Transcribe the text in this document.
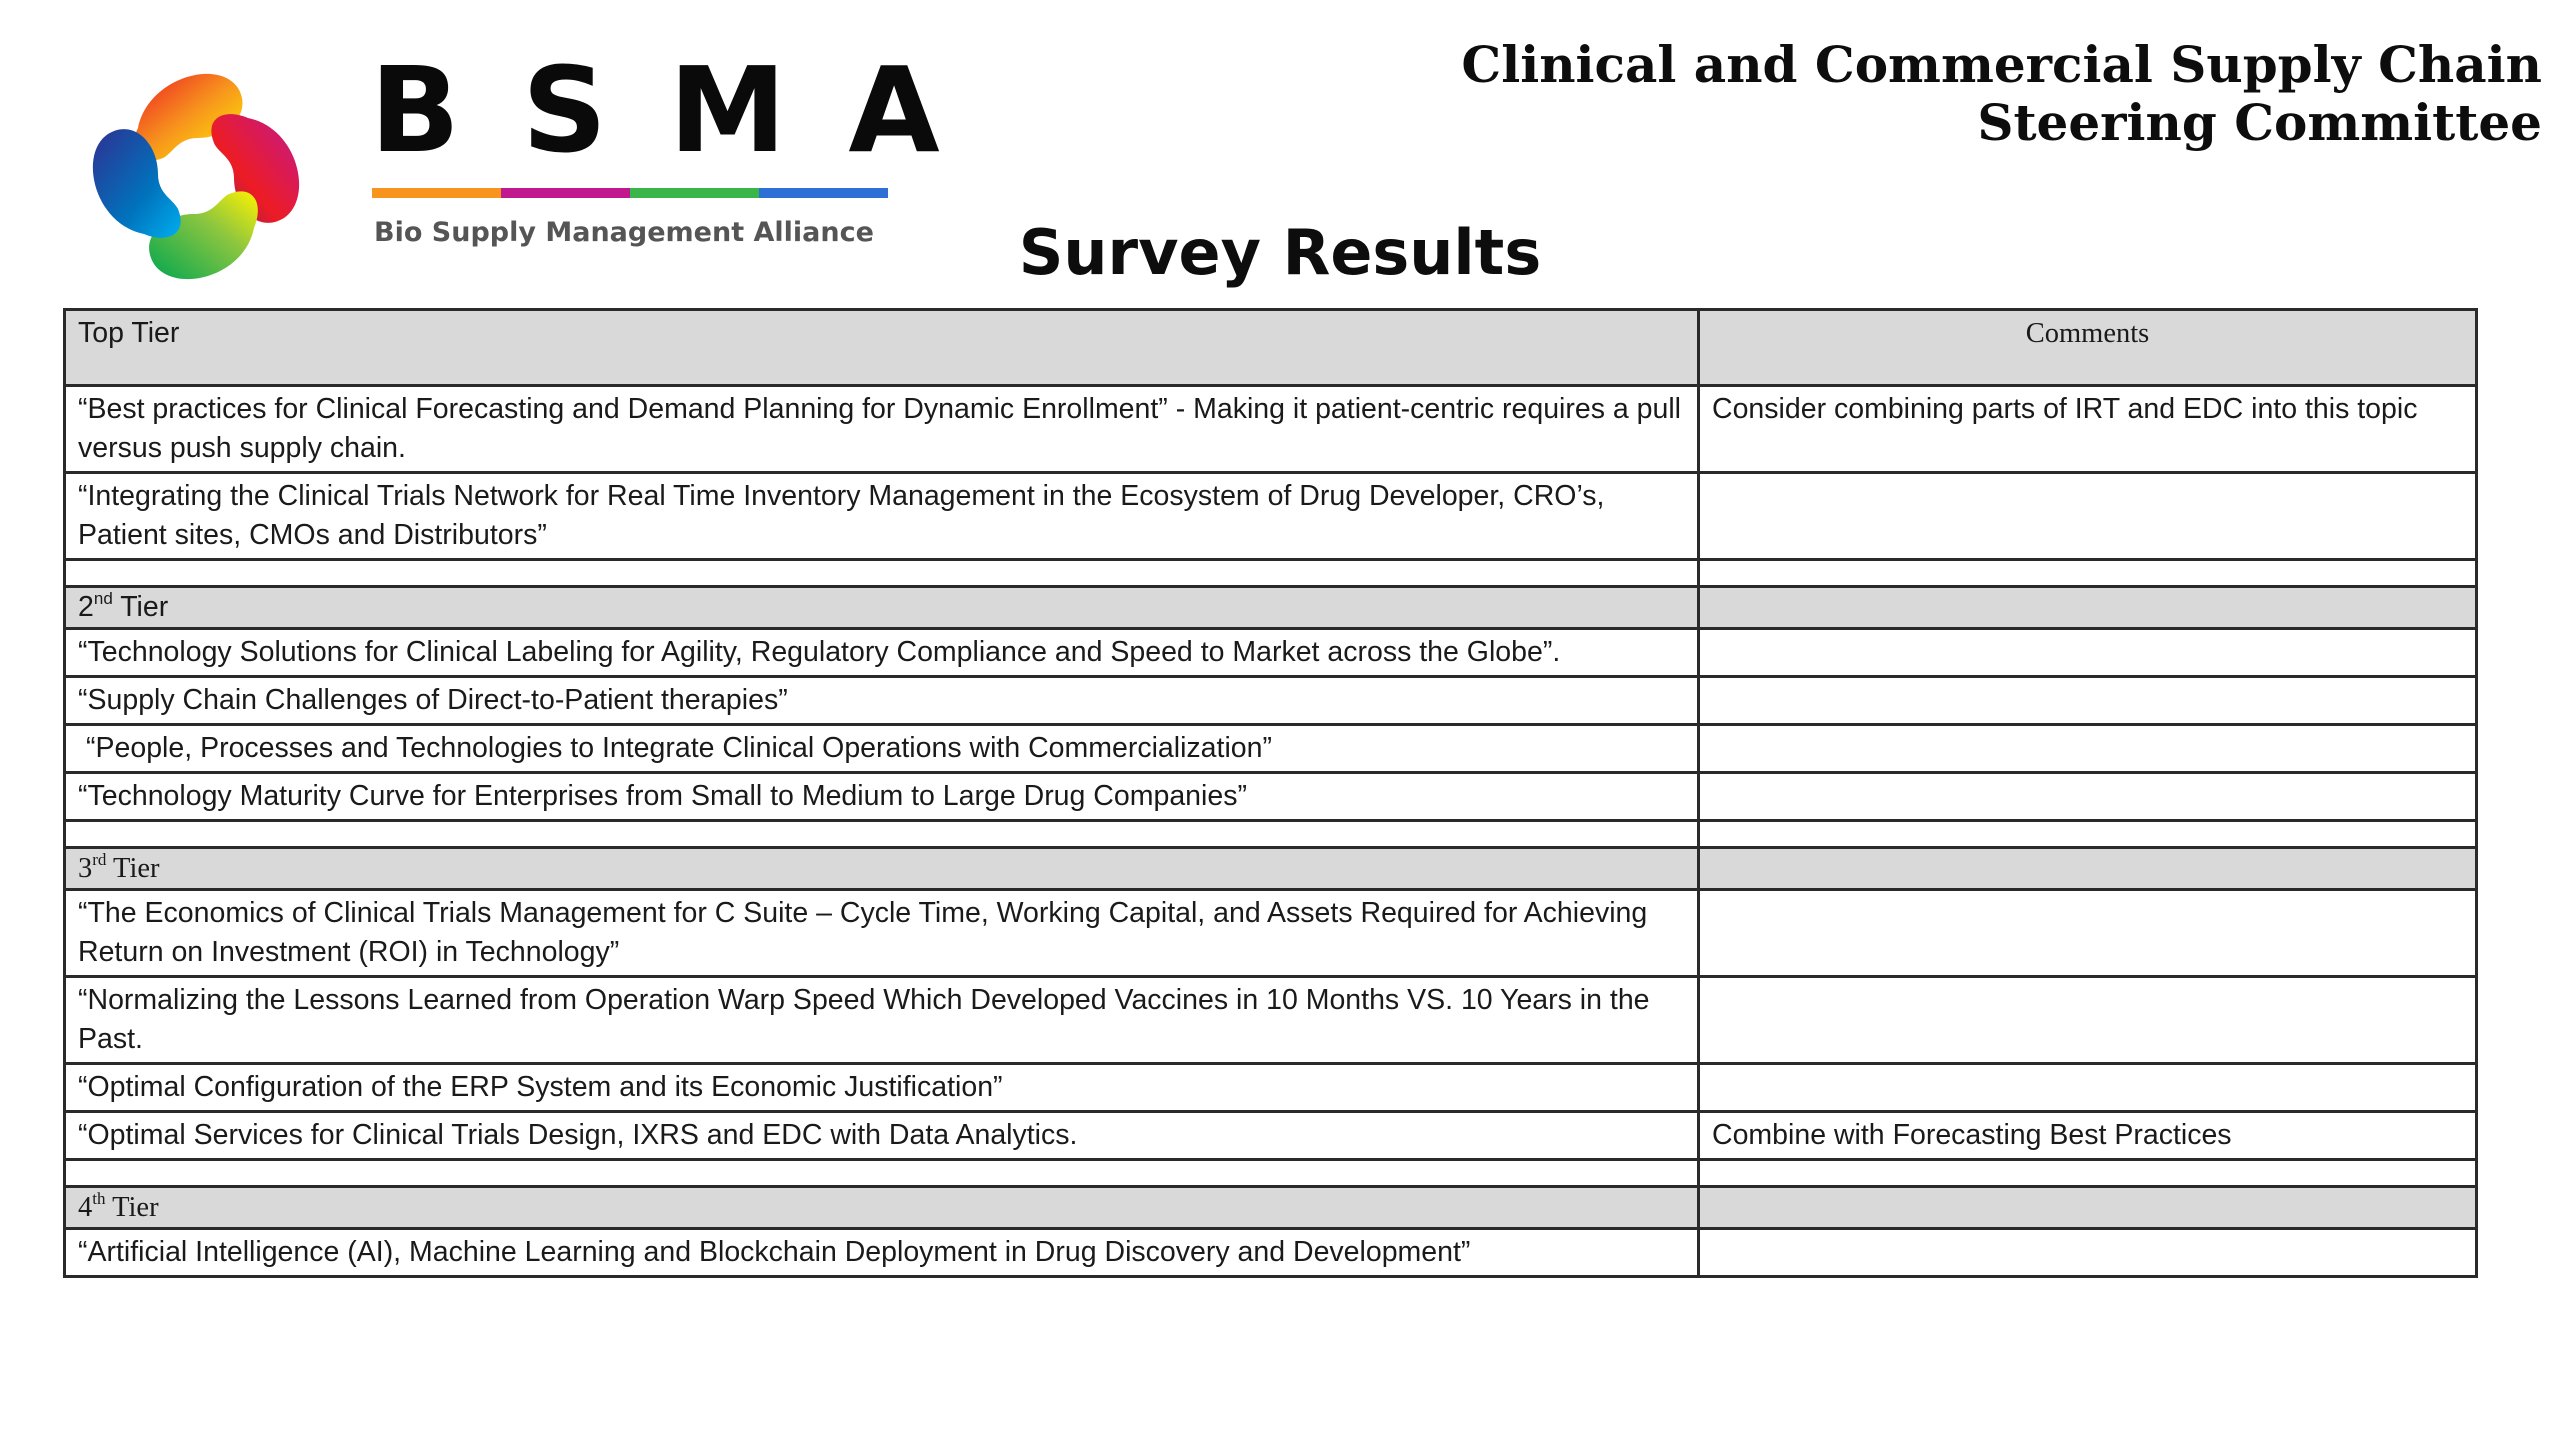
BSMA
Bio Supply Management Alliance
Clinical and Commercial Supply Chain
Steering Committee
Survey Results
Top Tier	Comments
“Best practices for Clinical Forecasting and Demand Planning for Dynamic Enrollment” - Making it patient-centric requires a pull versus push supply chain.	Consider combining parts of IRT and EDC into this topic
“Integrating the Clinical Trials Network for Real Time Inventory Management in the Ecosystem of Drug Developer, CRO’s, Patient sites, CMOs and Distributors”	

2nd Tier	
“Technology Solutions for Clinical Labeling for Agility, Regulatory Compliance and Speed to Market across the Globe”.	
“Supply Chain Challenges of Direct-to-Patient therapies”	
“People, Processes and Technologies to Integrate Clinical Operations with Commercialization”	
“Technology Maturity Curve for Enterprises from Small to Medium to Large Drug Companies”	

3rd Tier	
“The Economics of Clinical Trials Management for C Suite – Cycle Time, Working Capital, and Assets Required for Achieving Return on Investment (ROI) in Technology”	
“Normalizing the Lessons Learned from Operation Warp Speed Which Developed Vaccines in 10 Months VS. 10 Years in the Past.	
“Optimal Configuration of the ERP System and its Economic Justification”	
“Optimal Services for Clinical Trials Design, IXRS and EDC with Data Analytics.	Combine with Forecasting Best Practices

4th Tier	
“Artificial Intelligence (AI), Machine Learning and Blockchain Deployment in Drug Discovery and Development”	
